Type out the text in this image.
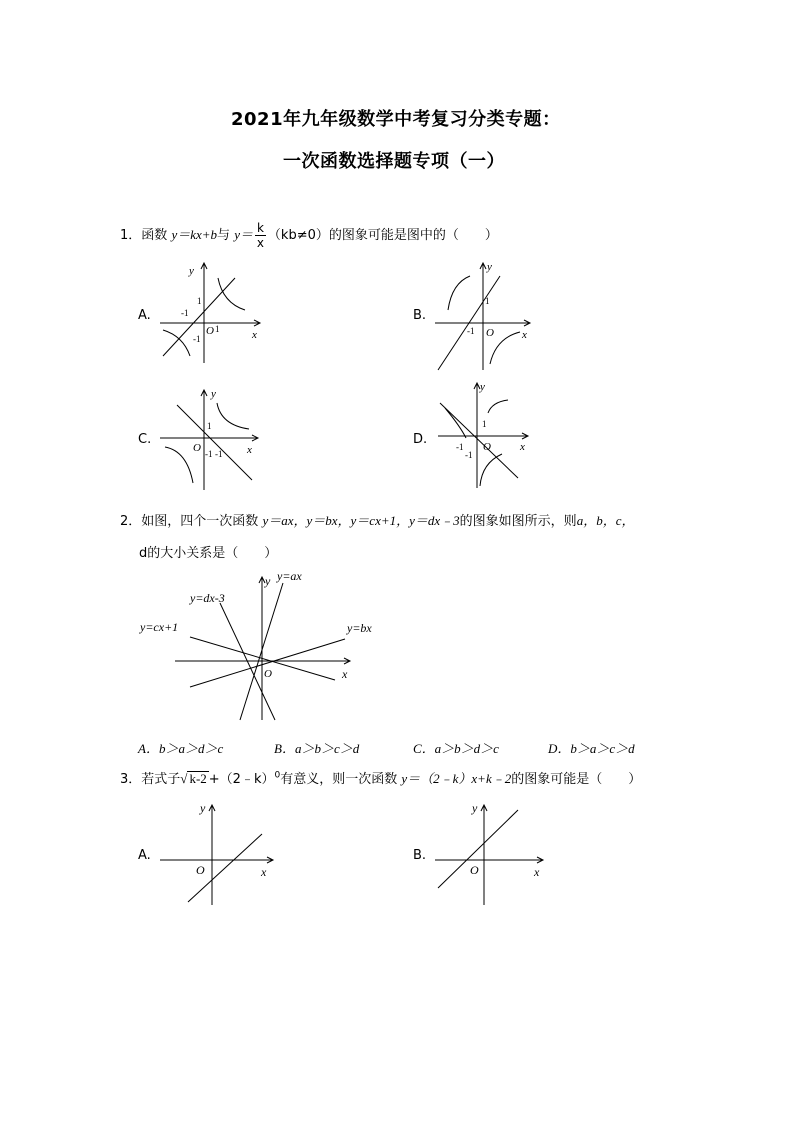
2021年九年级数学中考复习分类专题：
一次函数选择题专项（一）
1．函数 y＝kx+b与 $y= \frac{k}{x} (kb\ne 0)$的图象可能是图中的（　　）
A.	B.
C.	D.
y
x
O
1
1
-1
-1
y
x
O
1
-1
y
x
O
1
-1
-1
y
x
O
1
-1
-1
2．如图，四个一次函数 y＝ax，y＝bx，y＝cx+1，y＝dx﹣3的图象如图所示，则a，b，c，
d的大小关系是（　　）
y=ax
y
y=dx-3
y=cx+1	y=bx
O	x
A．b＞a＞d＞c	B．a＞b＞c＞d	C．a＞b＞d＞c	D．b＞a＞c＞d
3．若式子√ k-2 +（2﹣k）$^0$有意义，则一次函数 y＝（2﹣k）x+k﹣2的图象可能是（　　）
A.	B.
y
O	x
y
O	x
